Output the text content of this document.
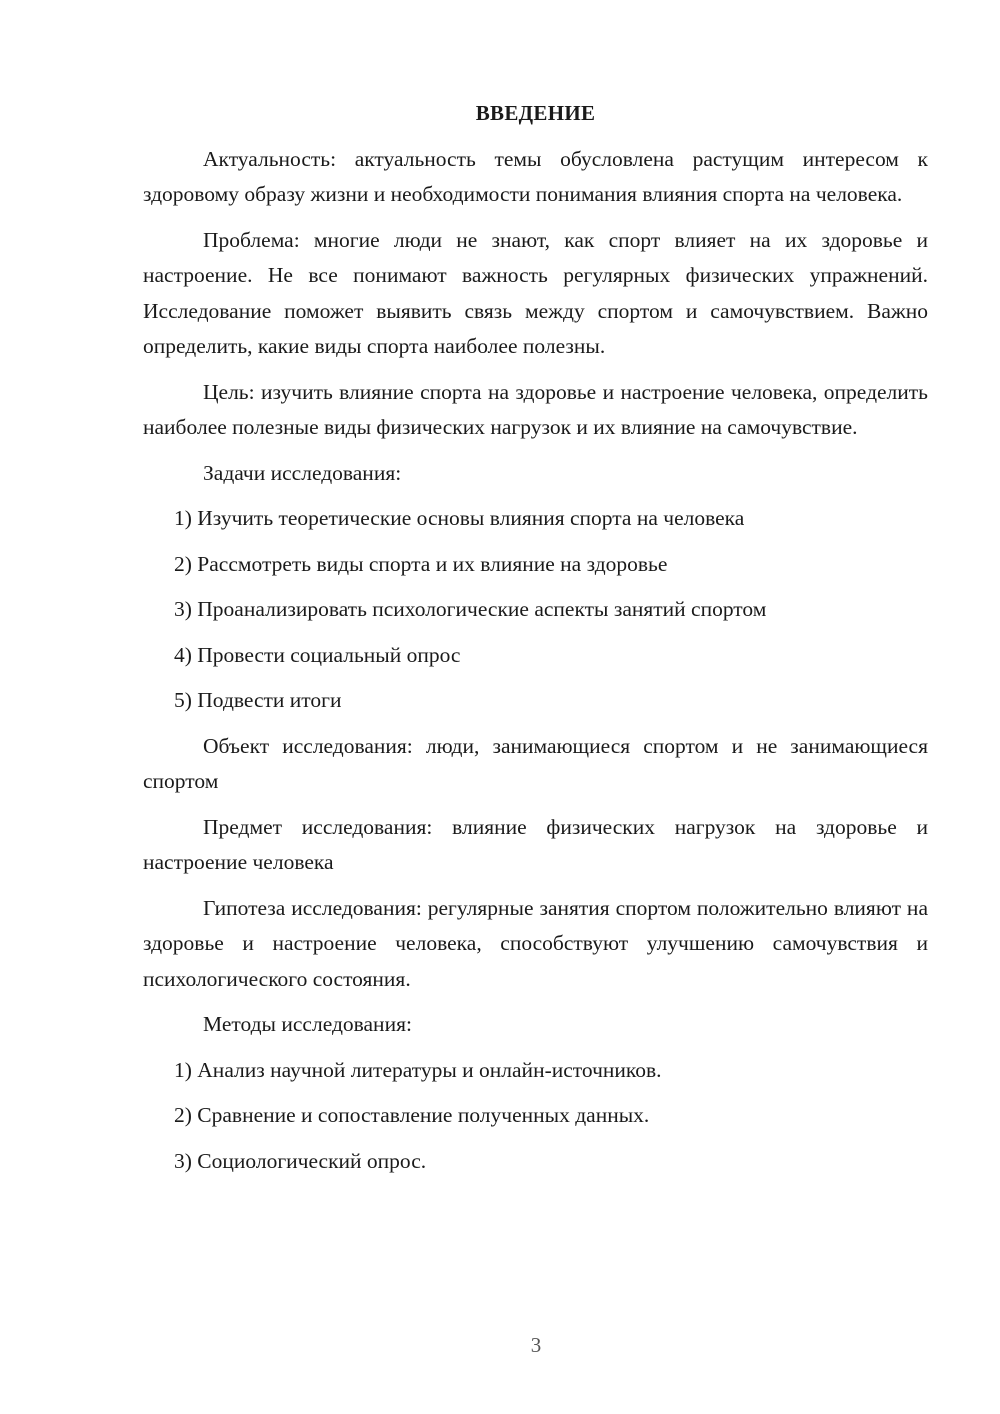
ВВЕДЕНИЕ
Актуальность: актуальность темы обусловлена растущим интересом к здоровому образу жизни и необходимости понимания влияния спорта на человека.
Проблема: многие люди не знают, как спорт влияет на их здоровье и настроение. Не все понимают важность регулярных физических упражнений. Исследование поможет выявить связь между спортом и самочувствием. Важно определить, какие виды спорта наиболее полезны.
Цель: изучить влияние спорта на здоровье и настроение человека, определить наиболее полезные виды физических нагрузок и их влияние на самочувствие.
Задачи исследования:
1) Изучить теоретические основы влияния спорта на человека
2) Рассмотреть виды спорта и их влияние на здоровье
3) Проанализировать психологические аспекты занятий спортом
4) Провести социальный опрос
5) Подвести итоги
Объект исследования: люди, занимающиеся спортом и не занимающиеся спортом
Предмет исследования: влияние физических нагрузок на здоровье и настроение человека
Гипотеза исследования: регулярные занятия спортом положительно влияют на здоровье и настроение человека, способствуют улучшению самочувствия и психологического состояния.
Методы исследования:
1) Анализ научной литературы и онлайн-источников.
2) Сравнение и сопоставление полученных данных.
3) Социологический опрос.
3
